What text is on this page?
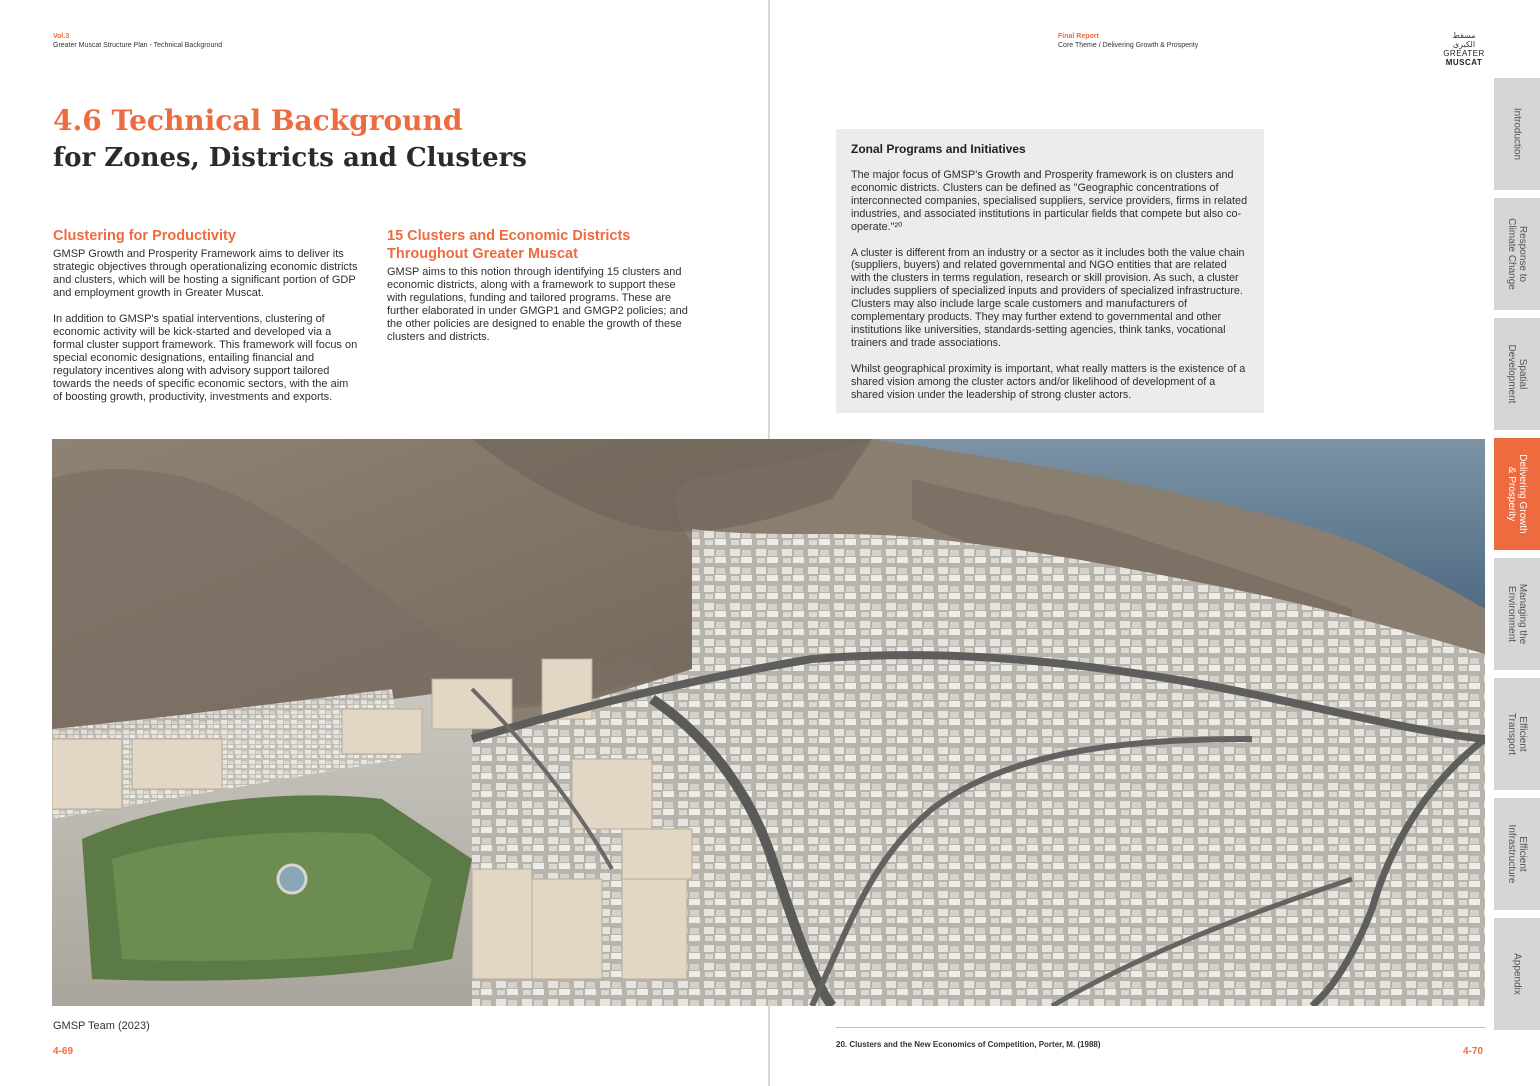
Vol.3
Greater Muscat Structure Plan - Technical Background
Final Report
Core Theme / Delivering Growth & Prosperity
مسقط الكبرى
GREATER
MUSCAT
4.6 Technical Background
for Zones, Districts and Clusters
Clustering for Productivity

GMSP Growth and Prosperity Framework aims to deliver its strategic objectives through operationalizing economic districts and clusters, which will be hosting a significant portion of GDP and employment growth in Greater Muscat.

In addition to GMSP's spatial interventions, clustering of economic activity will be kick-started and developed via a formal cluster support framework. This framework will focus on special economic designations, entailing financial and regulatory incentives along with advisory support tailored towards the needs of specific economic sectors, with the aim of boosting growth, productivity, investments and exports.

15 Clusters and Economic Districts Throughout Greater Muscat

GMSP aims to this notion through identifying 15 clusters and economic districts, along with a framework to support these with regulations, funding and tailored programs. These are further elaborated in under GMGP1 and GMGP2 policies; and the other policies are designed to enable the growth of these clusters and districts.

Zonal Programs and Initiatives

The major focus of GMSP's Growth and Prosperity framework is on clusters and economic districts. Clusters can be defined as "Geographic concentrations of interconnected companies, specialised suppliers, service providers, firms in related industries, and associated institutions in particular fields that compete but also co-operate."²⁰

A cluster is different from an industry or a sector as it includes both the value chain (suppliers, buyers) and related governmental and NGO entities that are related with the clusters in terms regulation, research or skill provision. As such, a cluster includes suppliers of specialized inputs and providers of specialized infrastructure. Clusters may also include large scale customers and manufacturers of complementary products. They may further extend to governmental and other institutions like universities, standards-setting agencies, think tanks, vocational trainers and trade associations.

Whilst geographical proximity is important, what really matters is the existence of a shared vision among the cluster actors and/or likelihood of development of a shared vision under the leadership of strong cluster actors.

GMSP Team (2023)
4-69	4-70
20. Clusters and the New Economics of Competition, Porter, M. (1988)
Introduction
Response to
Climate Change
Spatial
Development
Delivering Growth
& Prosperity
Managing the
Environment
Efficient
Transport
Efficient
Infrastructure
Appendix
